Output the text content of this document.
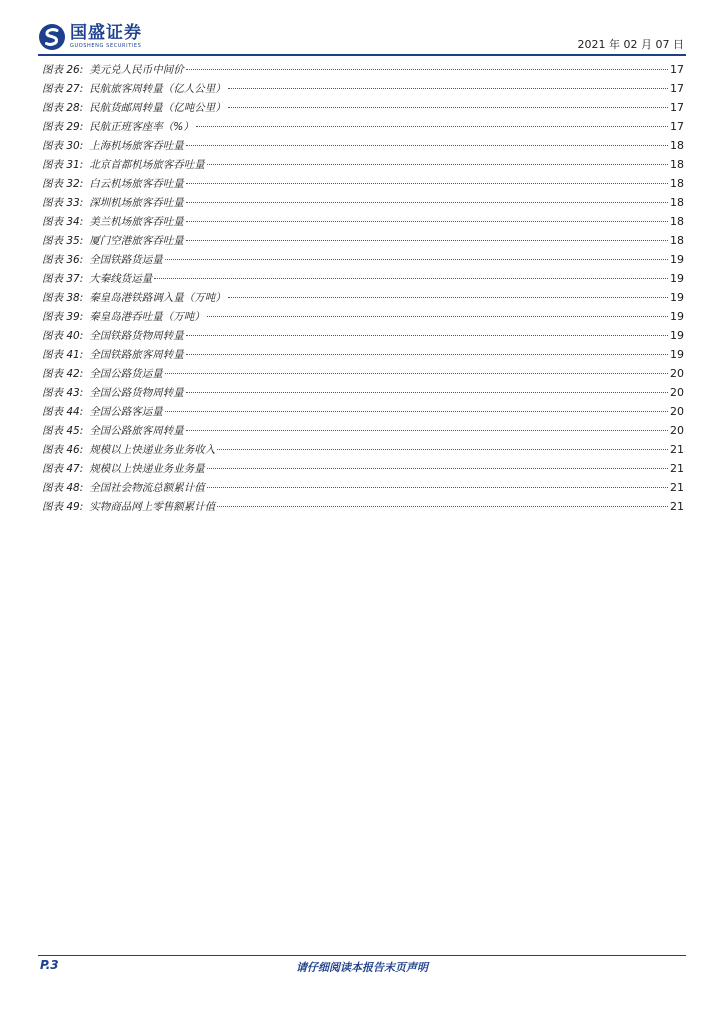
国盛证券
GUOSHENG SECURITIES	2021 年 02 月 07 日
图表 26: 美元兑人民币中间价	17
图表 27: 民航旅客周转量（亿人公里）	17
图表 28: 民航货邮周转量（亿吨公里）	17
图表 29: 民航正班客座率（%）	17
图表 30: 上海机场旅客吞吐量	18
图表 31: 北京首都机场旅客吞吐量	18
图表 32: 白云机场旅客吞吐量	18
图表 33: 深圳机场旅客吞吐量	18
图表 34: 美兰机场旅客吞吐量	18
图表 35: 厦门空港旅客吞吐量	18
图表 36: 全国铁路货运量	19
图表 37: 大秦线货运量	19
图表 38: 秦皇岛港铁路调入量（万吨）	19
图表 39: 秦皇岛港吞吐量（万吨）	19
图表 40: 全国铁路货物周转量	19
图表 41: 全国铁路旅客周转量	19
图表 42: 全国公路货运量	20
图表 43: 全国公路货物周转量	20
图表 44: 全国公路客运量	20
图表 45: 全国公路旅客周转量	20
图表 46: 规模以上快递业务业务收入	21
图表 47: 规模以上快递业务业务量	21
图表 48: 全国社会物流总额累计值	21
图表 49: 实物商品网上零售额累计值	21
P.3	请仔细阅读本报告末页声明
